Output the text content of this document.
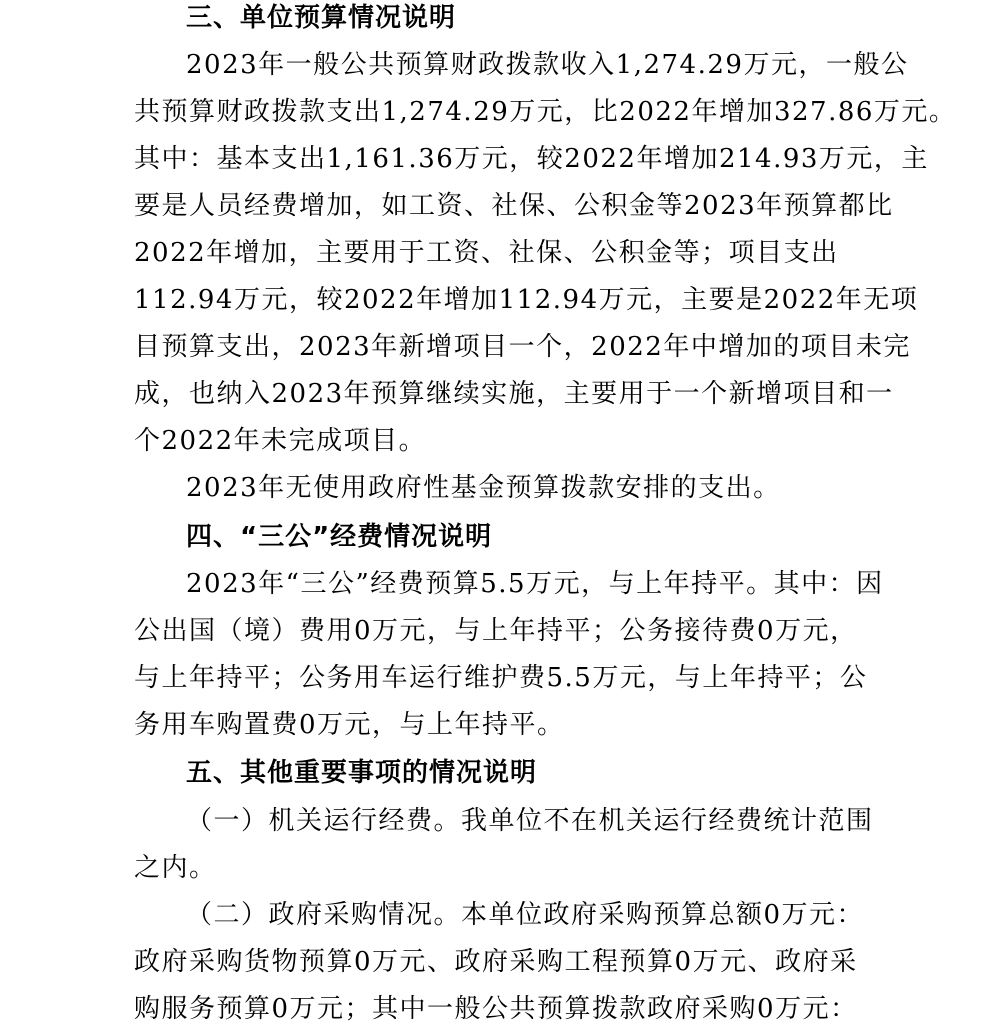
三、单位预算情况说明
2023年一般公共预算财政拨款收入1,274.29万元，一般公
共预算财政拨款支出1,274.29万元，比2022年增加327.86万元。
其中：基本支出1,161.36万元，较2022年增加214.93万元，主
要是人员经费增加，如工资、社保、公积金等2023年预算都比
2022年增加，主要用于工资、社保、公积金等；项目支出
112.94万元，较2022年增加112.94万元，主要是2022年无项
目预算支出，2023年新增项目一个，2022年中增加的项目未完
成，也纳入2023年预算继续实施，主要用于一个新增项目和一
个2022年未完成项目。
2023年无使用政府性基金预算拨款安排的支出。
四、“三公”经费情况说明
2023年“三公”经费预算5.5万元，与上年持平。其中：因
公出国（境）费用0万元，与上年持平；公务接待费0万元，
与上年持平；公务用车运行维护费5.5万元，与上年持平；公
务用车购置费0万元，与上年持平。
五、其他重要事项的情况说明
（一）机关运行经费。我单位不在机关运行经费统计范围
之内。
（二）政府采购情况。本单位政府采购预算总额0万元：
政府采购货物预算0万元、政府采购工程预算0万元、政府采
购服务预算0万元；其中一般公共预算拨款政府采购0万元：
